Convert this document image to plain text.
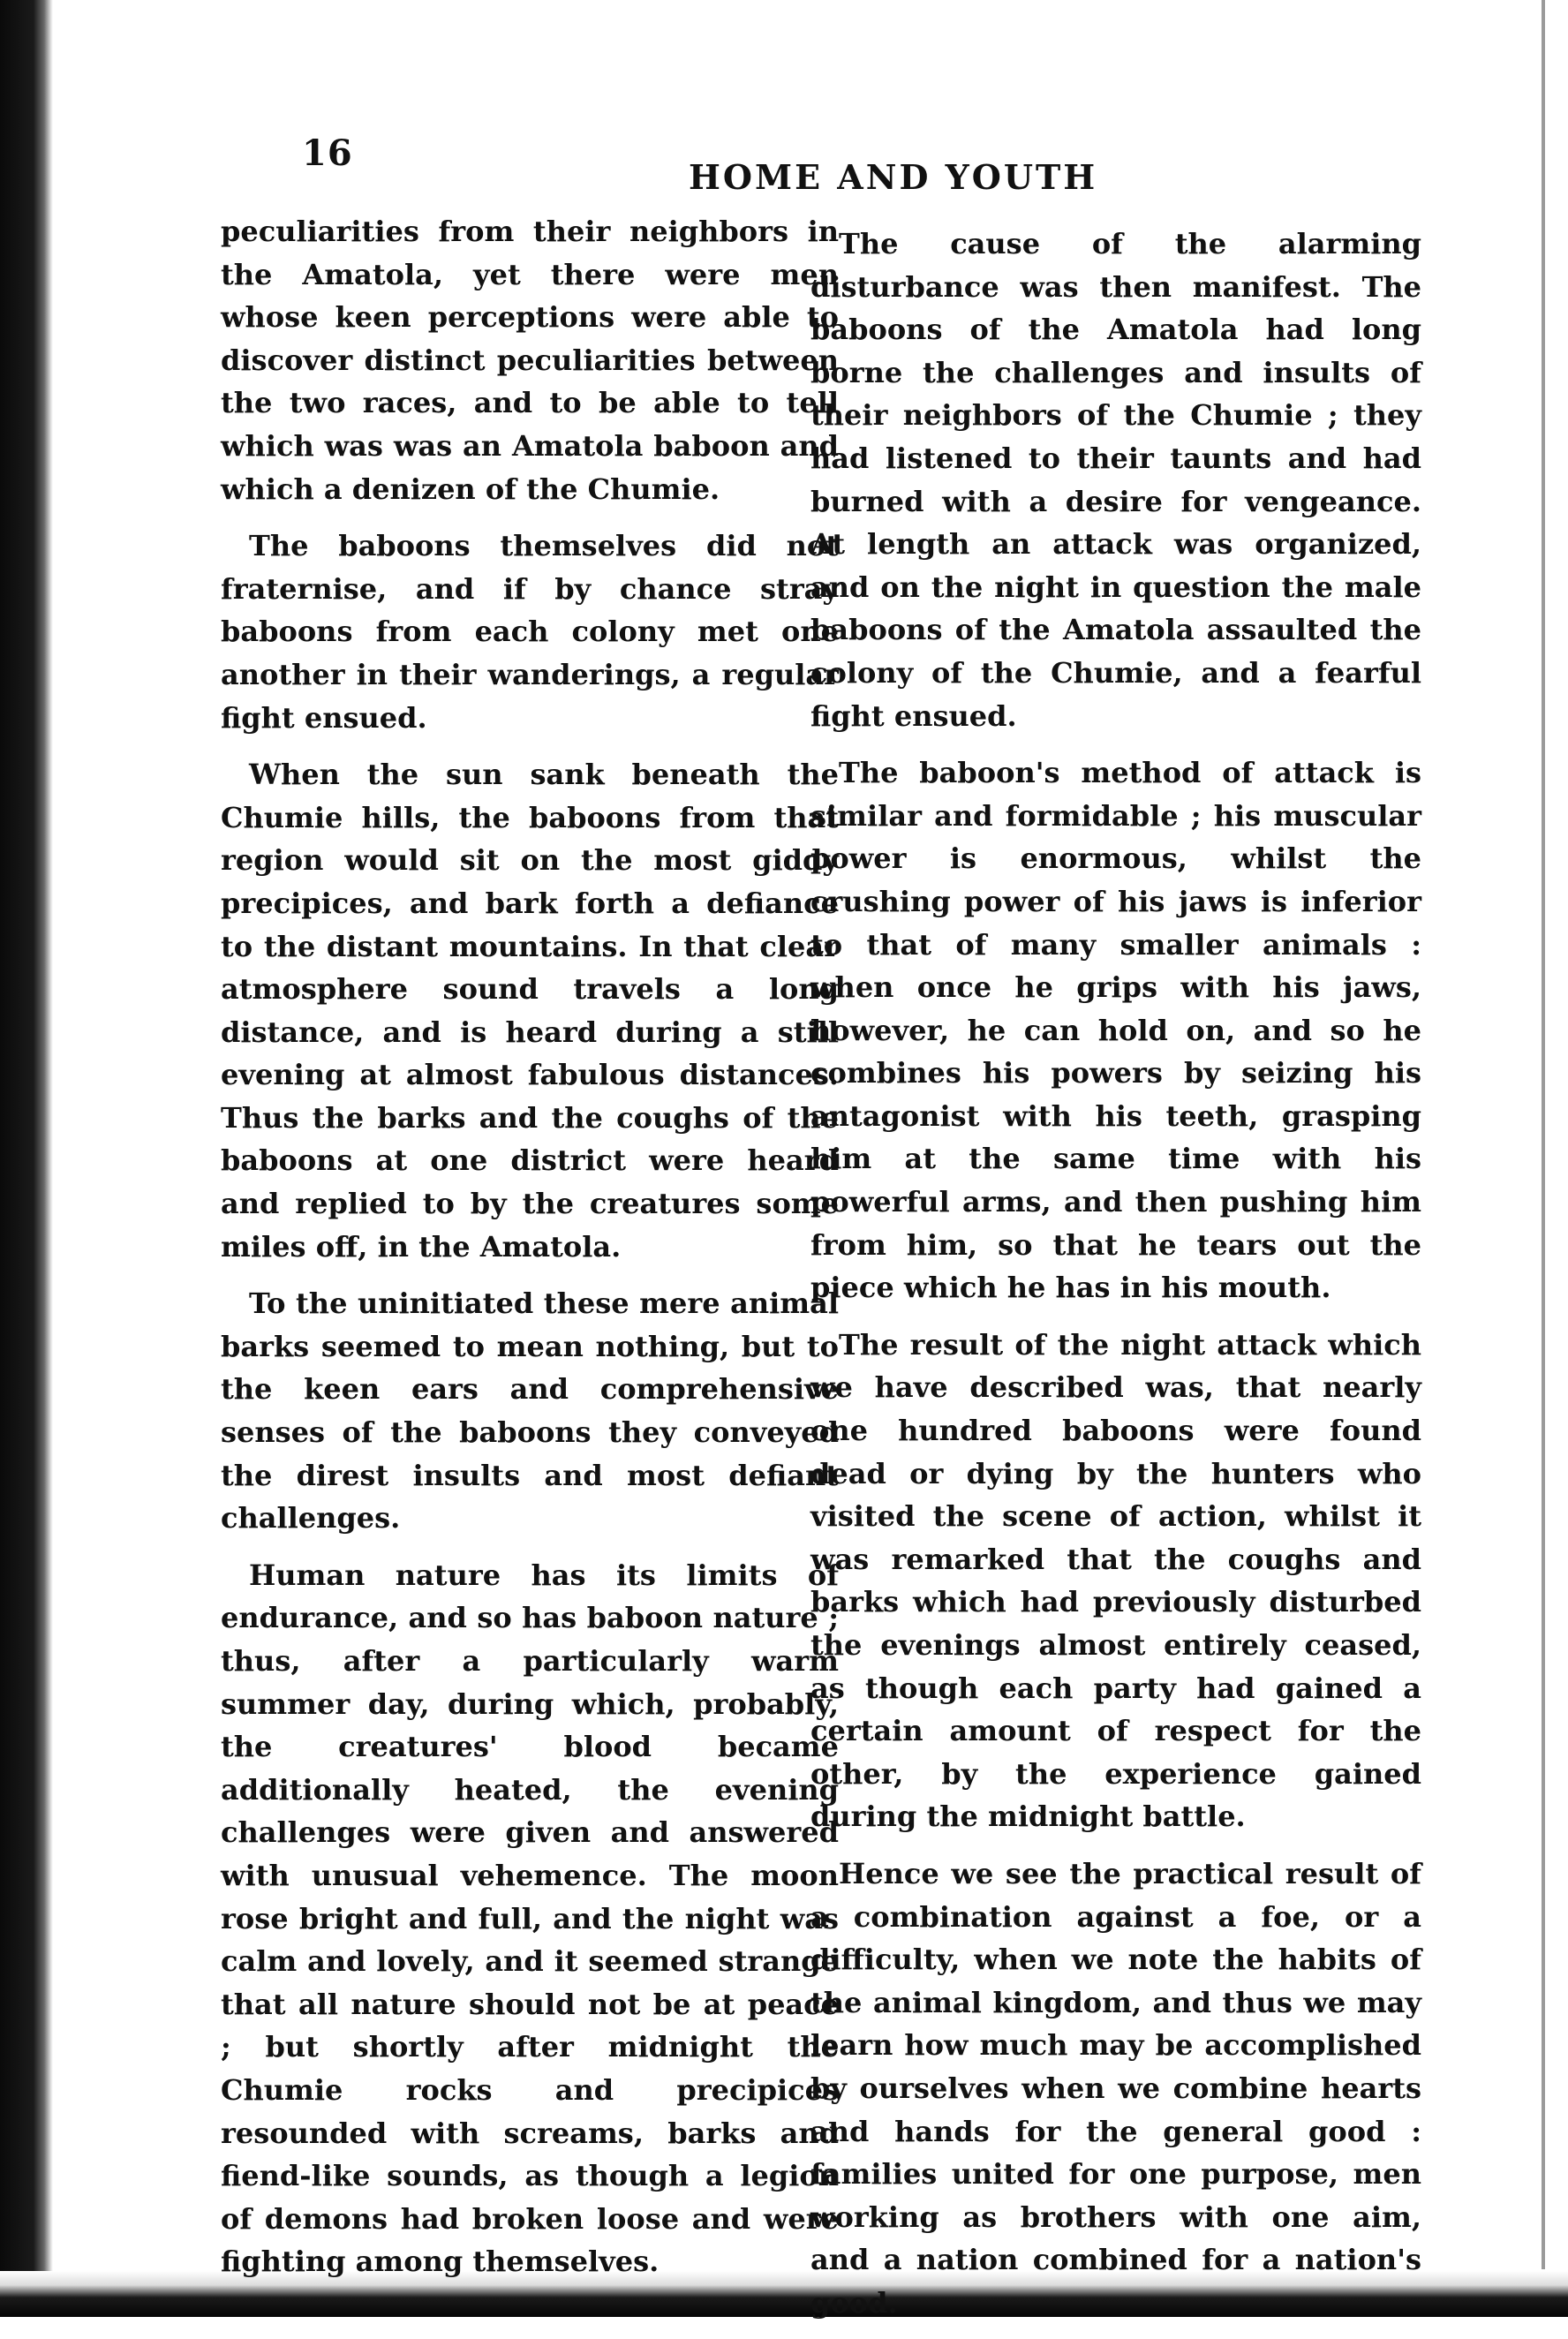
16
HOME AND YOUTH

peculiarities from their neighbors in the Amatola, yet there were men whose keen perceptions were able to discover distinct peculiarities between the two races, and to be able to tell which was was an Amatola baboon and which a denizen of the Chumie.

The baboons themselves did not fraternise, and if by chance stray baboons from each colony met one another in their wanderings, a regular fight ensued.

When the sun sank beneath the Chumie hills, the baboons from that region would sit on the most giddy precipices, and bark forth a defiance to the distant mountains. In that clear atmosphere sound travels a long distance, and is heard during a still evening at almost fabulous distances. Thus the barks and the coughs of the baboons at one district were heard and replied to by the creatures some miles off, in the Amatola.

To the uninitiated these mere animal barks seemed to mean nothing, but to the keen ears and comprehensive senses of the baboons they conveyed the direst insults and most defiant challenges.

Human nature has its limits of endurance, and so has baboon nature ; thus, after a particularly warm summer day, during which, probably, the creatures' blood became additionally heated, the evening challenges were given and answered with unusual vehemence. The moon rose bright and full, and the night was calm and lovely, and it seemed strange that all nature should not be at peace ; but shortly after midnight the Chumie rocks and precipices resounded with screams, barks and fiend-like sounds, as though a legion of demons had broken loose and were fighting among themselves.

The cause of the alarming disturbance was then manifest. The baboons of the Amatola had long borne the challenges and insults of their neighbors of the Chumie ; they had listened to their taunts and had burned with a desire for vengeance. At length an attack was organized, and on the night in question the male baboons of the Amatola assaulted the colony of the Chumie, and a fearful fight ensued.

The baboon's method of attack is similar and formidable ; his muscular power is enormous, whilst the crushing power of his jaws is inferior to that of many smaller animals : when once he grips with his jaws, however, he can hold on, and so he combines his powers by seizing his antagonist with his teeth, grasping him at the same time with his powerful arms, and then pushing him from him, so that he tears out the piece which he has in his mouth.

The result of the night attack which we have described was, that nearly one hundred baboons were found dead or dying by the hunters who visited the scene of action, whilst it was remarked that the coughs and barks which had previously disturbed the evenings almost entirely ceased, as though each party had gained a certain amount of respect for the other, by the experience gained during the midnight battle.

Hence we see the practical result of a combination against a foe, or a difficulty, when we note the habits of the animal kingdom, and thus we may learn how much may be accomplished by ourselves when we combine hearts and hands for the general good : families united for one purpose, men working as brothers with one aim, and a nation combined for a nation's good.
